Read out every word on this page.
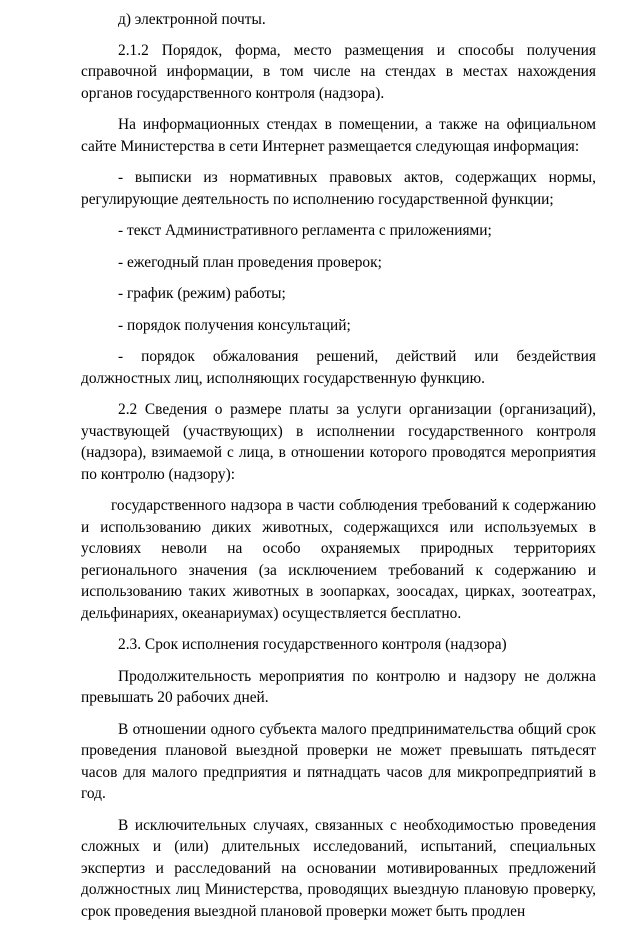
д) электронной почты.

2.1.2 Порядок, форма, место размещения и способы получения справочной информации, в том числе на стендах в местах нахождения органов государственного контроля (надзора).

На информационных стендах в помещении, а также на официальном сайте Министерства в сети Интернет размещается следующая информация:

- выписки из нормативных правовых актов, содержащих нормы, регулирующие деятельность по исполнению государственной функции;

- текст Административного регламента с приложениями;

- ежегодный план проведения проверок;

- график (режим) работы;

- порядок получения консультаций;

- порядок обжалования решений, действий или бездействия должностных лиц, исполняющих государственную функцию.

2.2 Сведения о размере платы за услуги организации (организаций), участвующей (участвующих) в исполнении государственного контроля (надзора), взимаемой с лица, в отношении которого проводятся мероприятия по контролю (надзору):

государственного надзора в части соблюдения требований к содержанию и использованию диких животных, содержащихся или используемых в условиях неволи на особо охраняемых природных территориях регионального значения (за исключением требований к содержанию и использованию таких животных в зоопарках, зоосадах, цирках, зоотеатрах, дельфинариях, океанариумах) осуществляется бесплатно.

2.3. Срок исполнения государственного контроля (надзора)

Продолжительность мероприятия по контролю и надзору не должна превышать 20 рабочих дней.

В отношении одного субъекта малого предпринимательства общий срок проведения плановой выездной проверки не может превышать пятьдесят часов для малого предприятия и пятнадцать часов для микропредприятий в год.

В исключительных случаях, связанных с необходимостью проведения сложных и (или) длительных исследований, испытаний, специальных экспертиз и расследований на основании мотивированных предложений должностных лиц Министерства, проводящих выездную плановую проверку, срок проведения выездной плановой проверки может быть продлен
